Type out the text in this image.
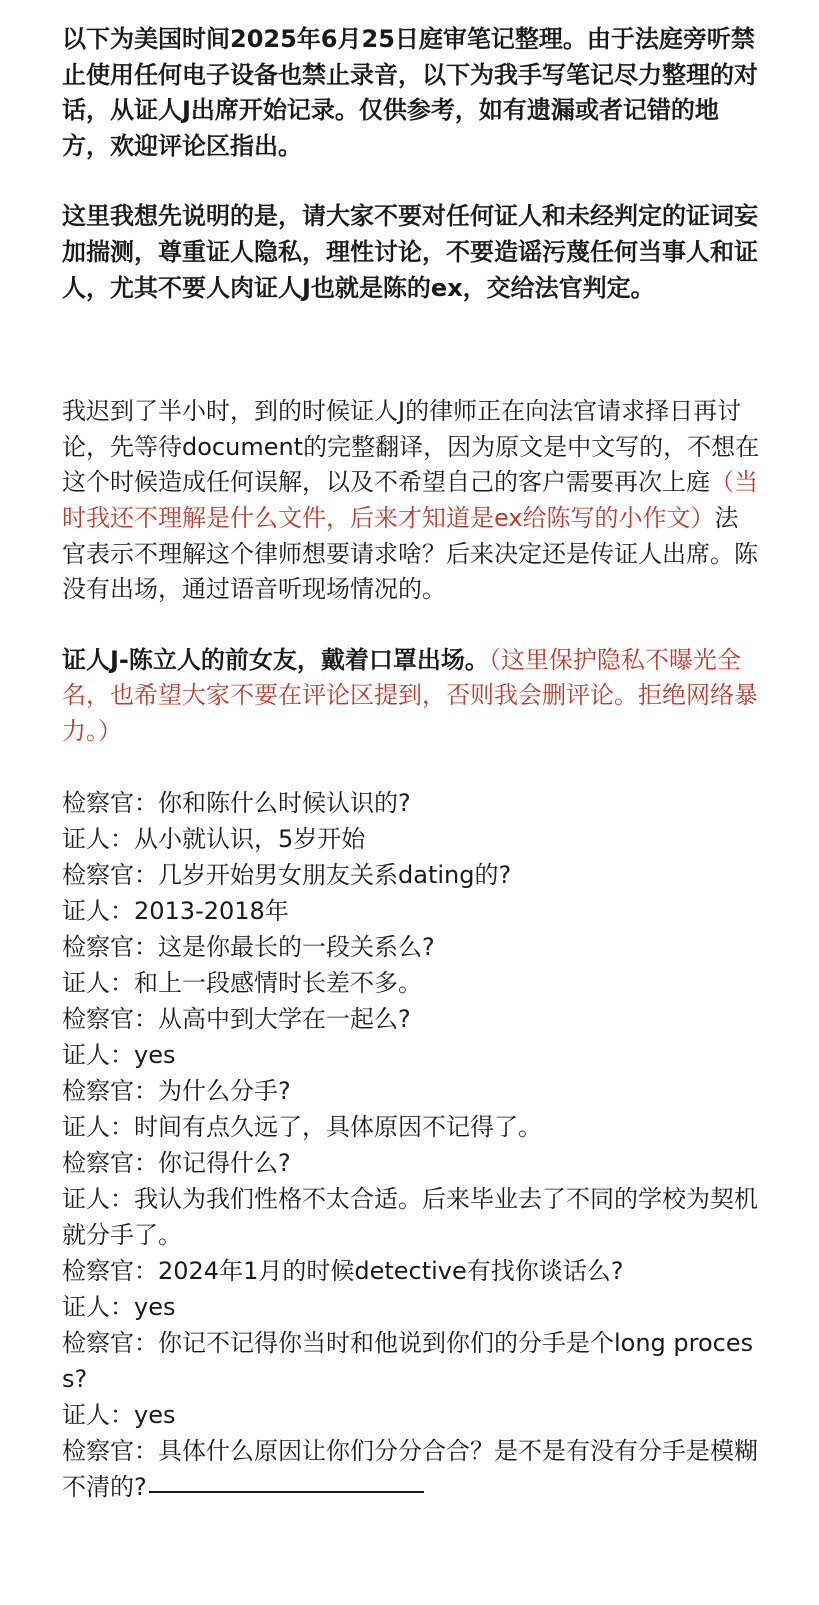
以下为美国时间2025年6月25日庭审笔记整理。由于法庭旁听禁止使用任何电子设备也禁止录音，以下为我手写笔记尽力整理的对话，从证人J出席开始记录。仅供参考，如有遗漏或者记错的地方，欢迎评论区指出。

这里我想先说明的是，请大家不要对任何证人和未经判定的证词妄加揣测，尊重证人隐私，理性讨论，不要造谣污蔑任何当事人和证人，尤其不要人肉证人J也就是陈的ex，交给法官判定。

我迟到了半小时，到的时候证人J的律师正在向法官请求择日再讨论，先等待document的完整翻译，因为原文是中文写的，不想在这个时候造成任何误解，以及不希望自己的客户需要再次上庭（当时我还不理解是什么文件，后来才知道是ex给陈写的小作文）法官表示不理解这个律师想要请求啥？后来决定还是传证人出席。陈没有出场，通过语音听现场情况的。

证人J-陈立人的前女友，戴着口罩出场。（这里保护隐私不曝光全名，也希望大家不要在评论区提到，否则我会删评论。拒绝网络暴力。）

检察官：你和陈什么时候认识的?
证人：从小就认识，5岁开始
检察官：几岁开始男女朋友关系dating的?
证人：2013-2018年
检察官：这是你最长的一段关系么?
证人：和上一段感情时长差不多。
检察官：从高中到大学在一起么?
证人：yes
检察官：为什么分手?
证人：时间有点久远了，具体原因不记得了。
检察官：你记得什么?
证人：我认为我们性格不太合适。后来毕业去了不同的学校为契机就分手了。
检察官：2024年1月的时候detective有找你谈话么?
证人：yes
检察官：你记不记得你当时和他说到你们的分手是个long process?
证人：yes
检察官：具体什么原因让你们分分合合？是不是有没有分手是模糊不清的?
